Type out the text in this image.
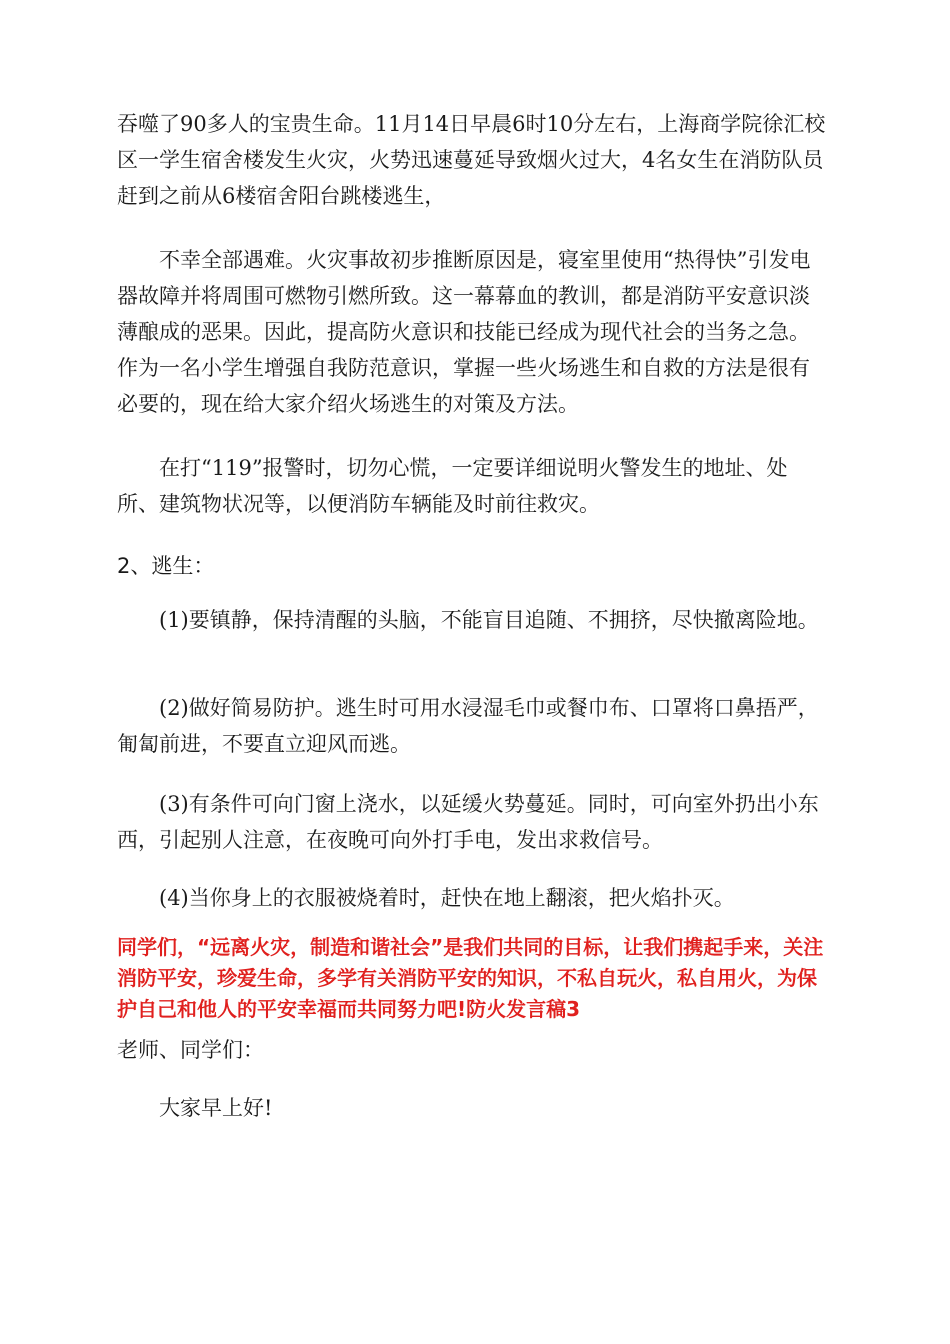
吞噬了90多人的宝贵生命。11月14日早晨6时10分左右，上海商学院徐汇校区一学生宿舍楼发生火灾，火势迅速蔓延导致烟火过大，4名女生在消防队员赶到之前从6楼宿舍阳台跳楼逃生，

不幸全部遇难。火灾事故初步推断原因是，寝室里使用“热得快”引发电器故障并将周围可燃物引燃所致。这一幕幕血的教训，都是消防平安意识淡薄酿成的恶果。因此，提高防火意识和技能已经成为现代社会的当务之急。作为一名小学生增强自我防范意识，掌握一些火场逃生和自救的方法是很有必要的，现在给大家介绍火场逃生的对策及方法。

在打“119”报警时，切勿心慌，一定要详细说明火警发生的地址、处所、建筑物状况等，以便消防车辆能及时前往救灾。

2、逃生：

(1)要镇静，保持清醒的头脑，不能盲目追随、不拥挤，尽快撤离险地。

(2)做好简易防护。逃生时可用水浸湿毛巾或餐巾布、口罩将口鼻捂严，匍匐前进，不要直立迎风而逃。

(3)有条件可向门窗上浇水，以延缓火势蔓延。同时，可向室外扔出小东西，引起别人注意，在夜晚可向外打手电，发出求救信号。

(4)当你身上的衣服被烧着时，赶快在地上翻滚，把火焰扑灭。

同学们，“远离火灾，制造和谐社会”是我们共同的目标，让我们携起手来，关注消防平安，珍爱生命，多学有关消防平安的知识，不私自玩火，私自用火，为保护自己和他人的平安幸福而共同努力吧!防火发言稿3

老师、同学们：

大家早上好!
